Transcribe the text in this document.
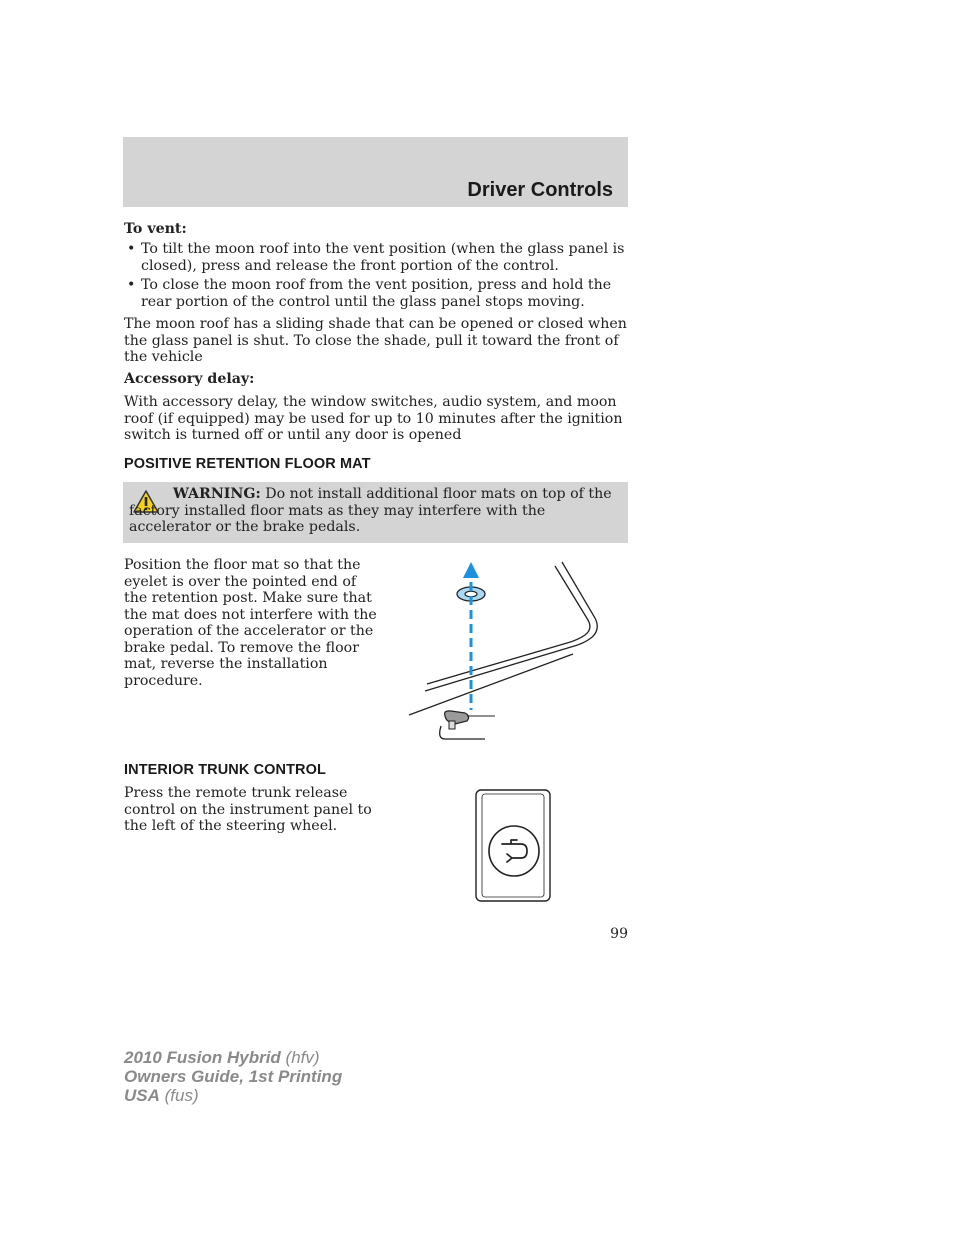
Driver Controls
To vent:
• To tilt the moon roof into the vent position (when the glass panel is closed), press and release the front portion of the control.
• To close the moon roof from the vent position, press and hold the rear portion of the control until the glass panel stops moving.
The moon roof has a sliding shade that can be opened or closed when the glass panel is shut. To close the shade, pull it toward the front of the vehicle
Accessory delay:
With accessory delay, the window switches, audio system, and moon roof (if equipped) may be used for up to 10 minutes after the ignition switch is turned off or until any door is opened
POSITIVE RETENTION FLOOR MAT
WARNING: Do not install additional floor mats on top of the factory installed floor mats as they may interfere with the accelerator or the brake pedals.
Position the floor mat so that the eyelet is over the pointed end of the retention post. Make sure that the mat does not interfere with the operation of the accelerator or the brake pedal. To remove the floor mat, reverse the installation procedure.
INTERIOR TRUNK CONTROL
Press the remote trunk release control on the instrument panel to the left of the steering wheel.
99
2010 Fusion Hybrid (hfv)
Owners Guide, 1st Printing
USA (fus)
